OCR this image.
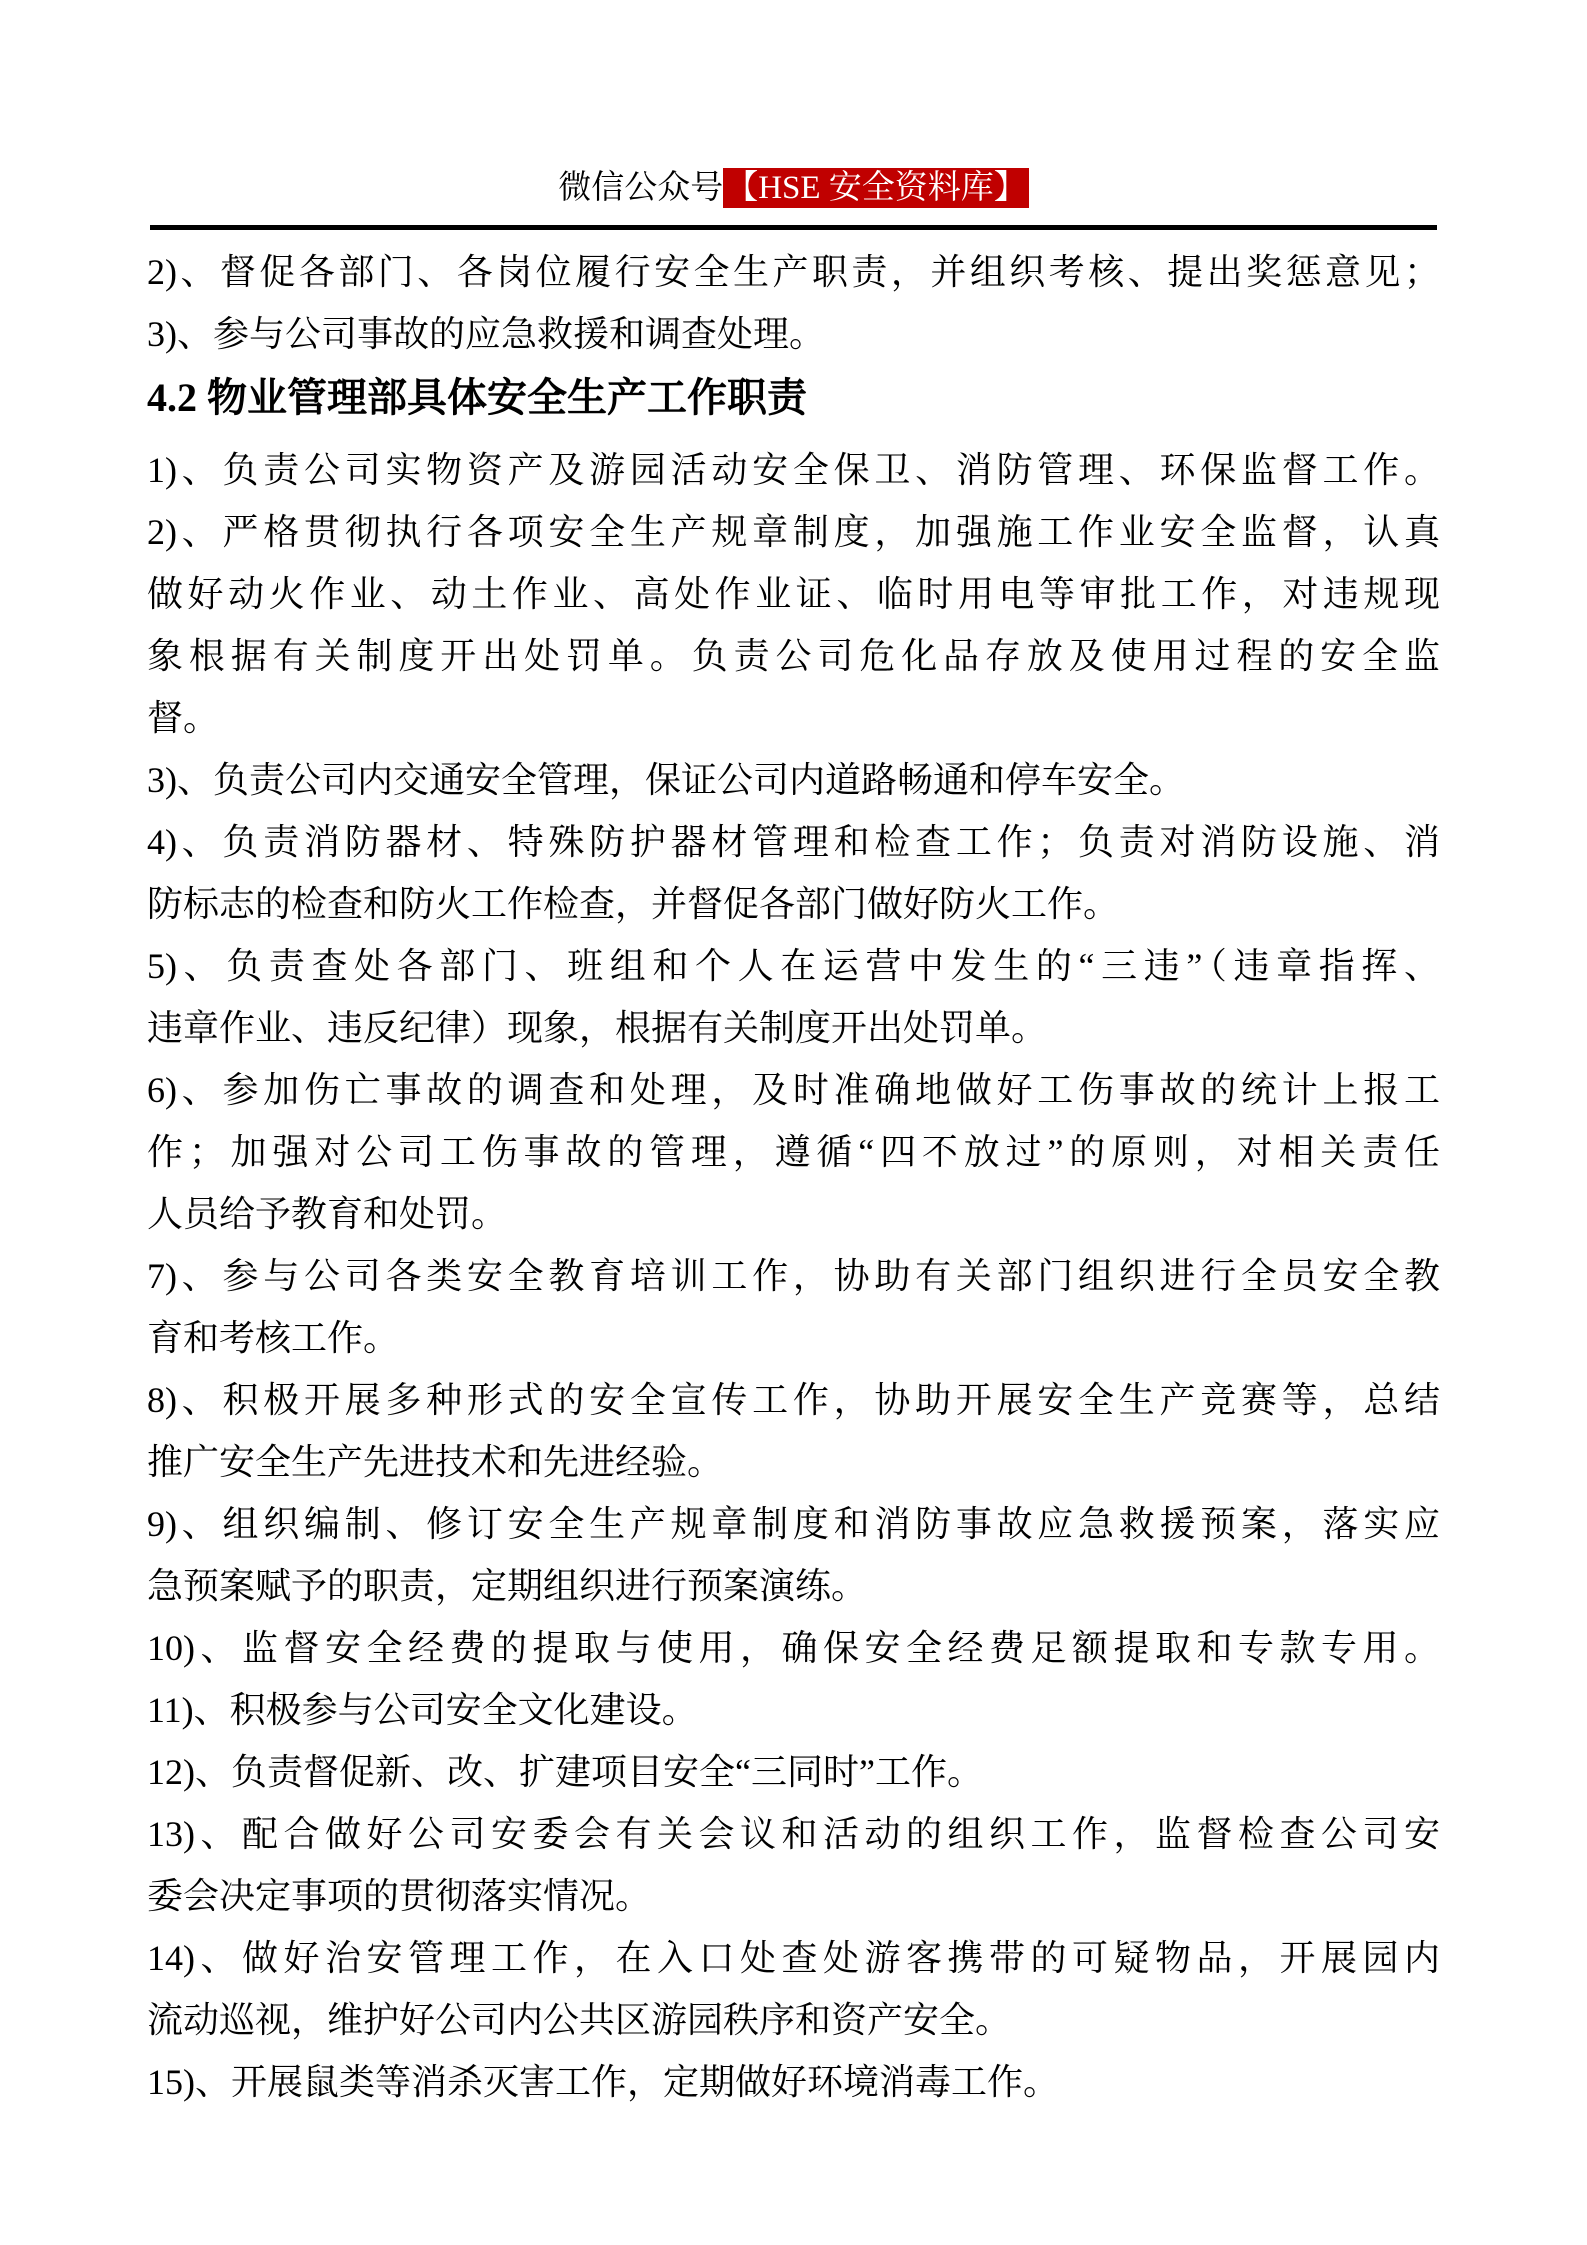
微信公众号【HSE 安全资料库】
2)、督促各部门、各岗位履行安全生产职责，并组织考核、提出奖惩意见；
3)、参与公司事故的应急救援和调查处理。
4.2 物业管理部具体安全生产工作职责
1)、负责公司实物资产及游园活动安全保卫、消防管理、环保监督工作。
2)、严格贯彻执行各项安全生产规章制度，加强施工作业安全监督，认真
做好动火作业、动土作业、高处作业证、临时用电等审批工作，对违规现
象根据有关制度开出处罚单。负责公司危化品存放及使用过程的安全监
督。
3)、负责公司内交通安全管理，保证公司内道路畅通和停车安全。
4)、负责消防器材、特殊防护器材管理和检查工作；负责对消防设施、消
防标志的检查和防火工作检查，并督促各部门做好防火工作。
5)、负责查处各部门、班组和个人在运营中发生的“三违”（违章指挥、
违章作业、违反纪律）现象，根据有关制度开出处罚单。
6)、参加伤亡事故的调查和处理，及时准确地做好工伤事故的统计上报工
作；加强对公司工伤事故的管理，遵循“四不放过”的原则，对相关责任
人员给予教育和处罚。
7)、参与公司各类安全教育培训工作，协助有关部门组织进行全员安全教
育和考核工作。
8)、积极开展多种形式的安全宣传工作，协助开展安全生产竞赛等，总结
推广安全生产先进技术和先进经验。
9)、组织编制、修订安全生产规章制度和消防事故应急救援预案，落实应
急预案赋予的职责，定期组织进行预案演练。
10)、监督安全经费的提取与使用，确保安全经费足额提取和专款专用。
11)、积极参与公司安全文化建设。
12)、负责督促新、改、扩建项目安全“三同时”工作。
13)、配合做好公司安委会有关会议和活动的组织工作，监督检查公司安
委会决定事项的贯彻落实情况。
14)、做好治安管理工作，在入口处查处游客携带的可疑物品，开展园内
流动巡视，维护好公司内公共区游园秩序和资产安全。
15)、开展鼠类等消杀灭害工作，定期做好环境消毒工作。
